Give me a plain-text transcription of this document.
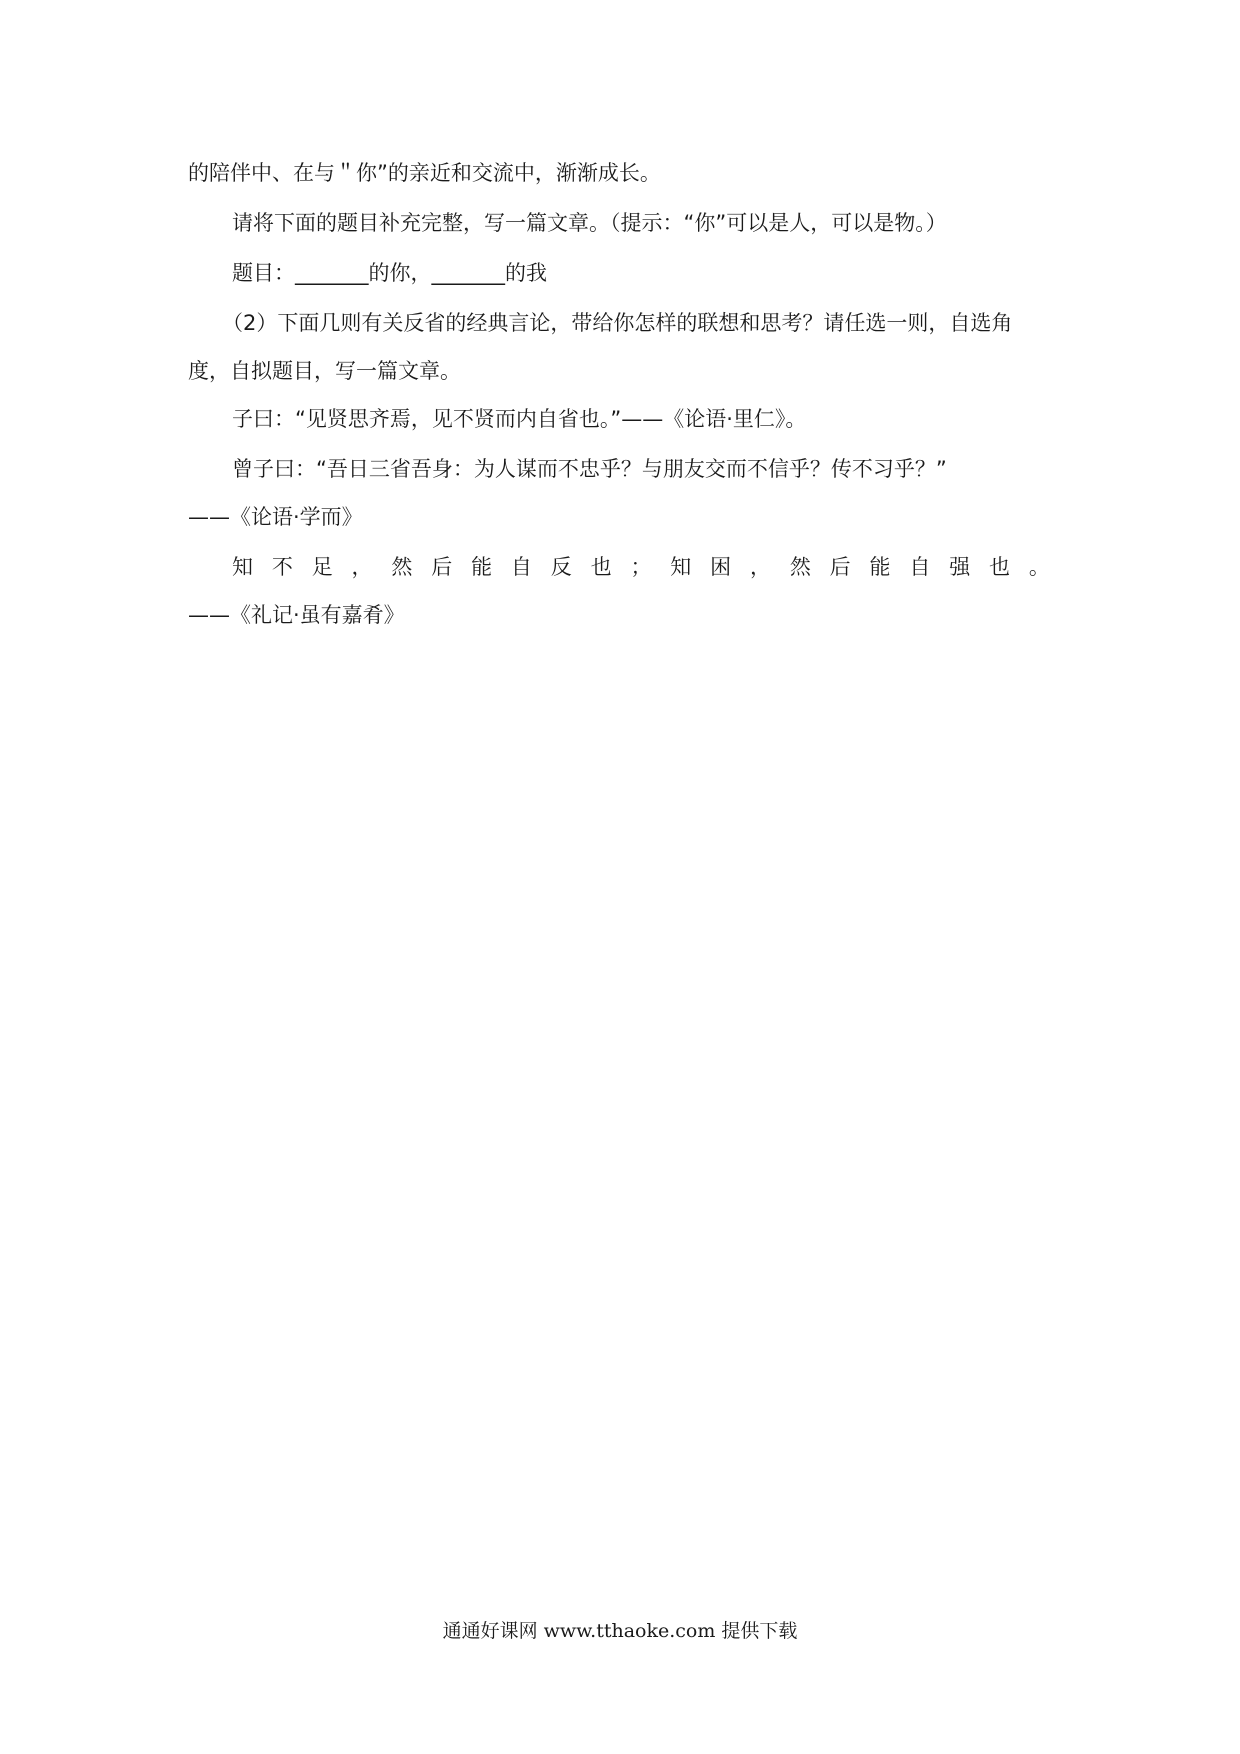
的陪伴中、在与＂你”的亲近和交流中，渐渐成长。
请将下面的题目补充完整，写一篇文章。（提示：“你”可以是人，可以是物。）
题目：_______的你，_______的我
（2）下面几则有关反省的经典言论，带给你怎样的联想和思考？请任选一则，自选角
度，自拟题目，写一篇文章。
子曰：“见贤思齐焉，见不贤而内自省也。”——《论语·里仁》。
曾子曰：“吾日三省吾身：为人谋而不忠乎？与朋友交而不信乎？传不习乎？”
——《论语·学而》
知 不 足 ， 然 后 能 自 反 也 ； 知 困 ， 然 后 能 自 强 也 。
——《礼记·虽有嘉肴》
通通好课网 www.tthaoke.com 提供下载
